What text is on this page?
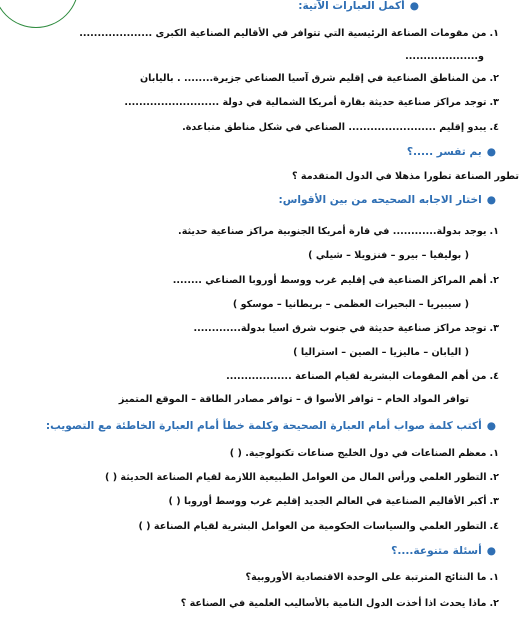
●أكمل العبارات الآتية:
١.من مقومات الصناعة الرئيسية التي تتوافر في الأقاليم الصناعية الكبرى ....................
و....................
٢.من المناطق الصناعية في إقليم شرق آسيا الصناعي جزيرة........ . باليابان
٣.توجد مراكز صناعية حديثة بقارة أمريكا الشمالية في دولة ..........................
٤.يبدو إقليم ........................ الصناعي في شكل مناطق متباعدة.
●بم تفسر .....؟
تطور الصناعة تطورا مذهلا في الدول المتقدمة ؟
●اختار الاجابه الصحيحه من بين الأقواس:
١.يوجد بدولة............ في قارة أمريكا الجنوبية مراكز صناعية حديثة.
( بوليفيا – بيرو – فنزويلا – شيلي )
٢.أهم المراكز الصناعية في إقليم غرب ووسط أوروبا الصناعي ........
( سيبيريا – البحيرات العظمى – بريطانيا – موسكو )
٣.توجد مراكز صناعية حديثة في جنوب شرق اسيا بدولة.............
( اليابان – ماليزيا – الصين – استراليا )
٤.من أهم المقومات البشرية لقيام الصناعة ..................
توافر المواد الخام – توافر الأسوا ق – توافر مصادر الطاقة – الموقع المتميز
●أكتب كلمة صواب أمام العبارة الصحيحة وكلمة خطأ أمام العبارة الخاطئة مع التصويب:
١.معظم الصناعات في دول الخليج صناعات تكنولوجية. ( )
٢.التطور العلمي ورأس المال من العوامل الطبيعية اللازمة لقيام الصناعة الحديثة ( )
٣.أكبر الأقاليم الصناعية في العالم الجديد إقليم غرب ووسط أوروبا ( )
٤.التطور العلمي والسياسات الحكومية من العوامل البشرية لقيام الصناعة ( )
●أسئلة متنوعة....؟
١.ما النتائج المترتبة على الوحدة الاقتصادية الأوروبية؟
٢.ماذا يحدث اذا أخذت الدول النامية بالأساليب العلمية في الصناعة ؟
